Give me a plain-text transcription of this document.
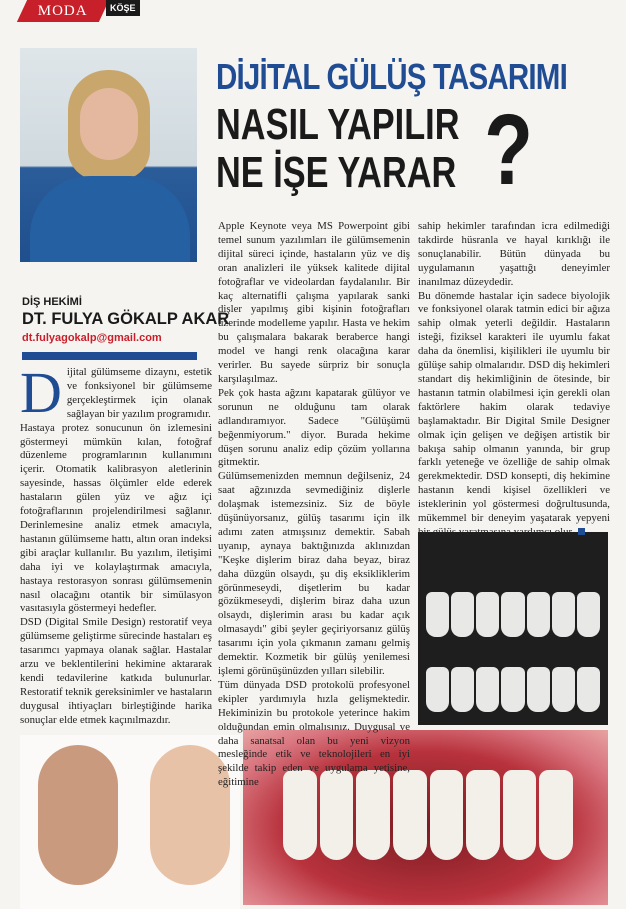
MODA	KÖŞE
DİJİTAL GÜLÜŞ TASARIMI
NASIL YAPILIR
NE İŞE YARAR ?
DİŞ HEKİMİ
DT. FULYA GÖKALP AKAR
dt.fulyagokalp@gmail.com

Dijital gülümseme dizaynı, estetik ve fonksiyonel bir gülümseme gerçekleştirmek için olanak sağlayan bir yazılım programıdır.

Hastaya protez sonucunun ön izlemesini göstermeyi mümkün kılan, fotoğraf düzenleme programlarının kullanımını içerir. Otomatik kalibrasyon aletlerinin sayesinde, hassas ölçümler elde ederek hastaların gülen yüz ve ağız içi fotoğraflarının projelendirilmesi sağlanır. Derinlemesine analiz etmek amacıyla, hastanın gülümseme hattı, altın oran indeksi gibi araçlar kullanılır. Bu yazılım, iletişimi daha iyi ve kolaylaştırmak amacıyla, hastaya restorasyon sonrası gülümsemenin nasıl olacağını otantik bir simülasyon vasıtasıyla göstermeyi hedefler.

DSD (Digital Smile Design) restoratif veya gülümseme geliştirme sürecinde hastaları eş tasarımcı yapmaya olanak sağlar. Hastalar arzu ve beklentilerini hekimine aktararak kendi tedavilerine katkıda bulunurlar. Restoratif teknik gereksinimler ve hastaların duygusal ihtiyaçları birleştiğinde harika sonuçlar elde etmek kaçınılmazdır.

Apple Keynote veya MS Powerpoint gibi temel sunum yazılımları ile gülümsemenin dijital süreci içinde, hastaların yüz ve diş oran analizleri ile yüksek kalitede dijital fotoğraflar ve videolardan faydalanılır. Bir kaç alternatifli çalışma yapılarak sanki dişler yapılmış gibi kişinin fotoğrafları üzerinde modelleme yapılır. Hasta ve hekim bu çalışmalara bakarak beraberce hangi model ve hangi renk olacağına karar verirler. Bu sayede sürpriz bir sonuçla karşılaşılmaz.

Pek çok hasta ağzını kapatarak gülüyor ve sorunun ne olduğunu tam olarak adlandıramıyor. Sadece "Gülüşümü beğenmiyorum." diyor. Burada hekime düşen sorunu analiz edip çözüm yollarına gitmektir.

Gülümsemenizden memnun değilseniz, 24 saat ağzınızda sevmediğiniz dişlerle dolaşmak istemezsiniz. Siz de böyle düşünüyorsanız, gülüş tasarımı için ilk adımı zaten atmışsınız demektir. Sabah uyanıp, aynaya baktığınızda aklınızdan "Keşke dişlerim biraz daha beyaz, biraz daha düzgün olsaydı, şu diş eksikliklerim görünmeseydi, dişetlerim bu kadar gözükmeseydi, dişlerim biraz daha uzun olsaydı, dişlerimin arası bu kadar açık olmasaydı" gibi şeyler geçiriyorsanız gülüş tasarımı için yola çıkmanın zamanı gelmiş demektir. Kozmetik bir gülüş yenilemesi işlemi görünüşünüzden yılları silebilir.

Tüm dünyada DSD protokolü profesyonel ekipler yardımıyla hızla gelişmektedir. Hekiminizin bu protokole yeterince hakim olduğundan emin olmalısınız. Duygusal ve daha sanatsal olan bu yeni vizyon mesleğinde etik ve teknolojileri en iyi şekilde takip eden ve uygulama yetisine, eğitimine

sahip hekimler tarafından icra edilmediği takdirde hüsranla ve hayal kırıklığı ile sonuçlanabilir. Bütün dünyada bu uygulamanın yaşattığı deneyimler inanılmaz düzeydedir.

Bu dönemde hastalar için sadece biyolojik ve fonksiyonel olarak tatmin edici bir ağıza sahip olmak yeterli değildir. Hastaların isteği, fiziksel karakteri ile uyumlu fakat daha da önemlisi, kişilikleri ile uyumlu bir gülüşe sahip olmalarıdır. DSD diş hekimleri standart diş hekimliğinin de ötesinde, bir hastanın tatmin olabilmesi için gerekli olan faktörlere hakim olarak tedaviye başlamaktadır. Bir Digital Smile Designer olmak için gelişen ve değişen artistik bir bakışa sahip olmanın yanında, bir grup farklı yeteneğe ve özelliğe de sahip olmak gerekmektedir. DSD konsepti, diş hekimine hastanın kendi kişisel özellikleri ve isteklerinin yol göstermesi doğrultusunda, mükemmel bir deneyim yaşatarak yepyeni bir gülüş yaratmasına yardımcı olur.
